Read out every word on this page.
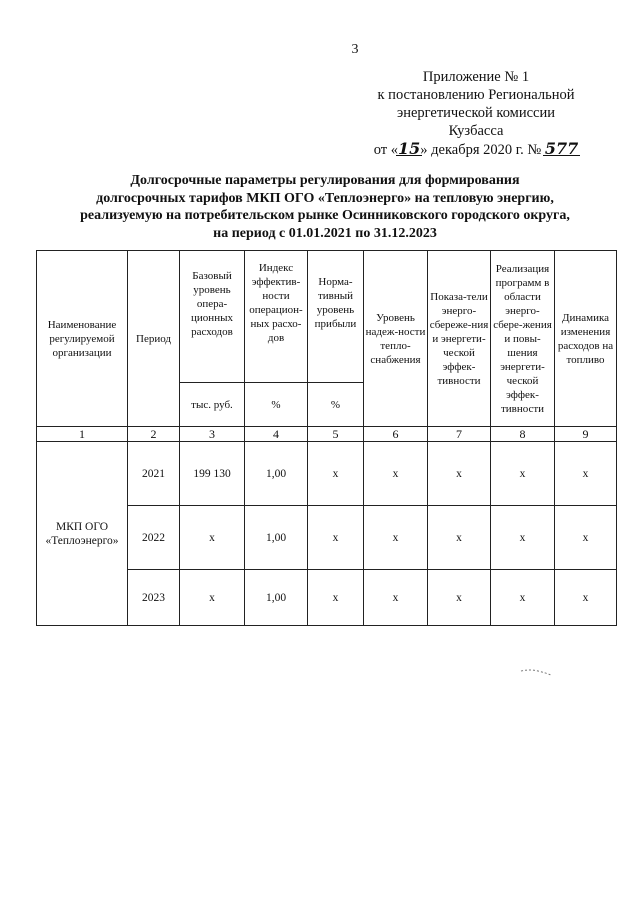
3
Приложение № 1
к постановлению Региональной
энергетической комиссии
Кузбасса
от «15
» декабря 2020 г. № 577
Долгосрочные параметры регулирования для формирования
долгосрочных тарифов МКП ОГО «Теплоэнерго» на тепловую энергию,
реализуемую на потребительском рынке Осинниковского городского округа,
на период с 01.01.2021 по 31.12.2023
Наименование регулируемой организации	Период	Базовый уровень опера-ционных расходов	Индекс эффектив-ности операцион-ных расхо-дов	Норма-тивный уровень прибыли	Уровень надеж-ности тепло-снабжения	Показа-тели энерго-сбереже-ния и энергети-ческой эффек-тивности	Реализация программ в области энерго-сбере-жения и повы-шения энергети-ческой эффек-тивности	Динамика изменения расходов на топливо
		тыс. руб.	%	%				
1	2	3	4	5	6	7	8	9
МКП ОГО «Теплоэнерго»	2021	199 130	1,00	x	x	x	x	x
	2022	x	1,00	x	x	x	x	x
	2023	x	1,00	x	x	x	x	x
